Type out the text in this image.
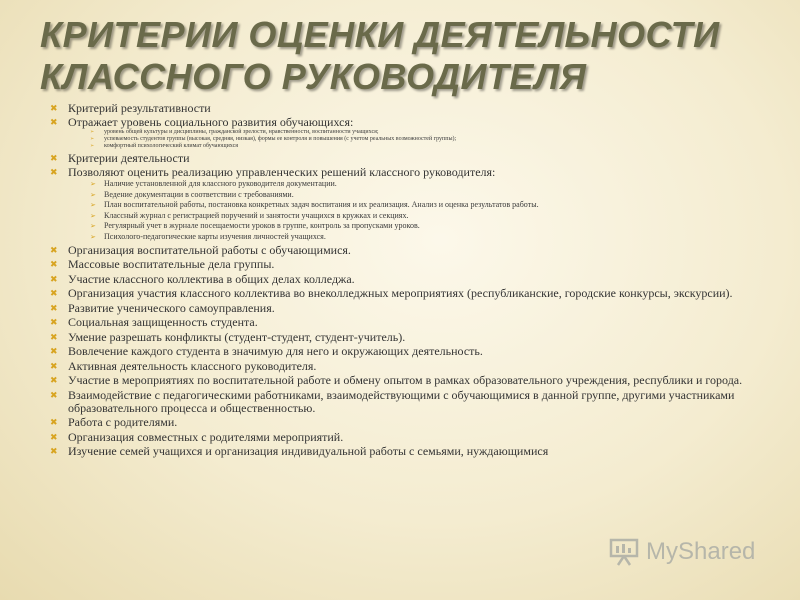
КРИТЕРИИ ОЦЕНКИ ДЕЯТЕЛЬНОСТИ
КЛАССНОГО РУКОВОДИТЕЛЯ
✖ Критерий результативности
✖ Отражает уровень социального развития обучающихся:
➢	уровень общей культуры и дисциплины, гражданской зрелости, нравственности, воспитанности учащихся;
➢	успеваемость студентов группы (высокая, средняя, низкая), формы ее контроля и повышения (с учетом реальных возможностей группы);
➢	комфортный психологический климат обучающихся
✖ Критерии деятельности
✖ Позволяют оценить реализацию управленческих решений классного руководителя:
➢	Наличие установленной для классного руководителя документации.
➢	Ведение документации в соответствии с требованиями.
➢	План воспитательной работы, постановка конкретных задач воспитания и их реализация. Анализ и оценка результатов работы.
➢	Классный журнал с регистрацией поручений и занятости учащихся в кружках и секциях.
➢	Регулярный учет в журнале посещаемости уроков в группе, контроль за пропусками уроков.
➢	Психолого-педагогические карты изучения личностей учащихся.
✖ Организация воспитательной работы с обучающимися.
✖ Массовые воспитательные дела группы.
✖ Участие классного коллектива в общих делах колледжа.
✖ Организация участия классного коллектива во внеколледжных мероприятиях (республиканские, городские конкурсы, экскурсии).
✖ Развитие ученического самоуправления.
✖ Социальная защищенность студента.
✖ Умение разрешать конфликты (студент-студент, студент-учитель).
✖ Вовлечение каждого студента в значимую для него и окружающих деятельность.
✖ Активная деятельность классного руководителя.
✖ Участие в мероприятиях по воспитательной работе и обмену опытом в рамках образовательного учреждения, республики и города.
✖ Взаимодействие с педагогическими работниками, взаимодействующими с обучающимися в данной группе, другими участниками образовательного процесса и общественностью.
✖ Работа с родителями.
✖ Организация совместных с родителями мероприятий.
✖ Изучение семей учащихся и организация индивидуальной работы с семьями, нуждающимися
MyShared
